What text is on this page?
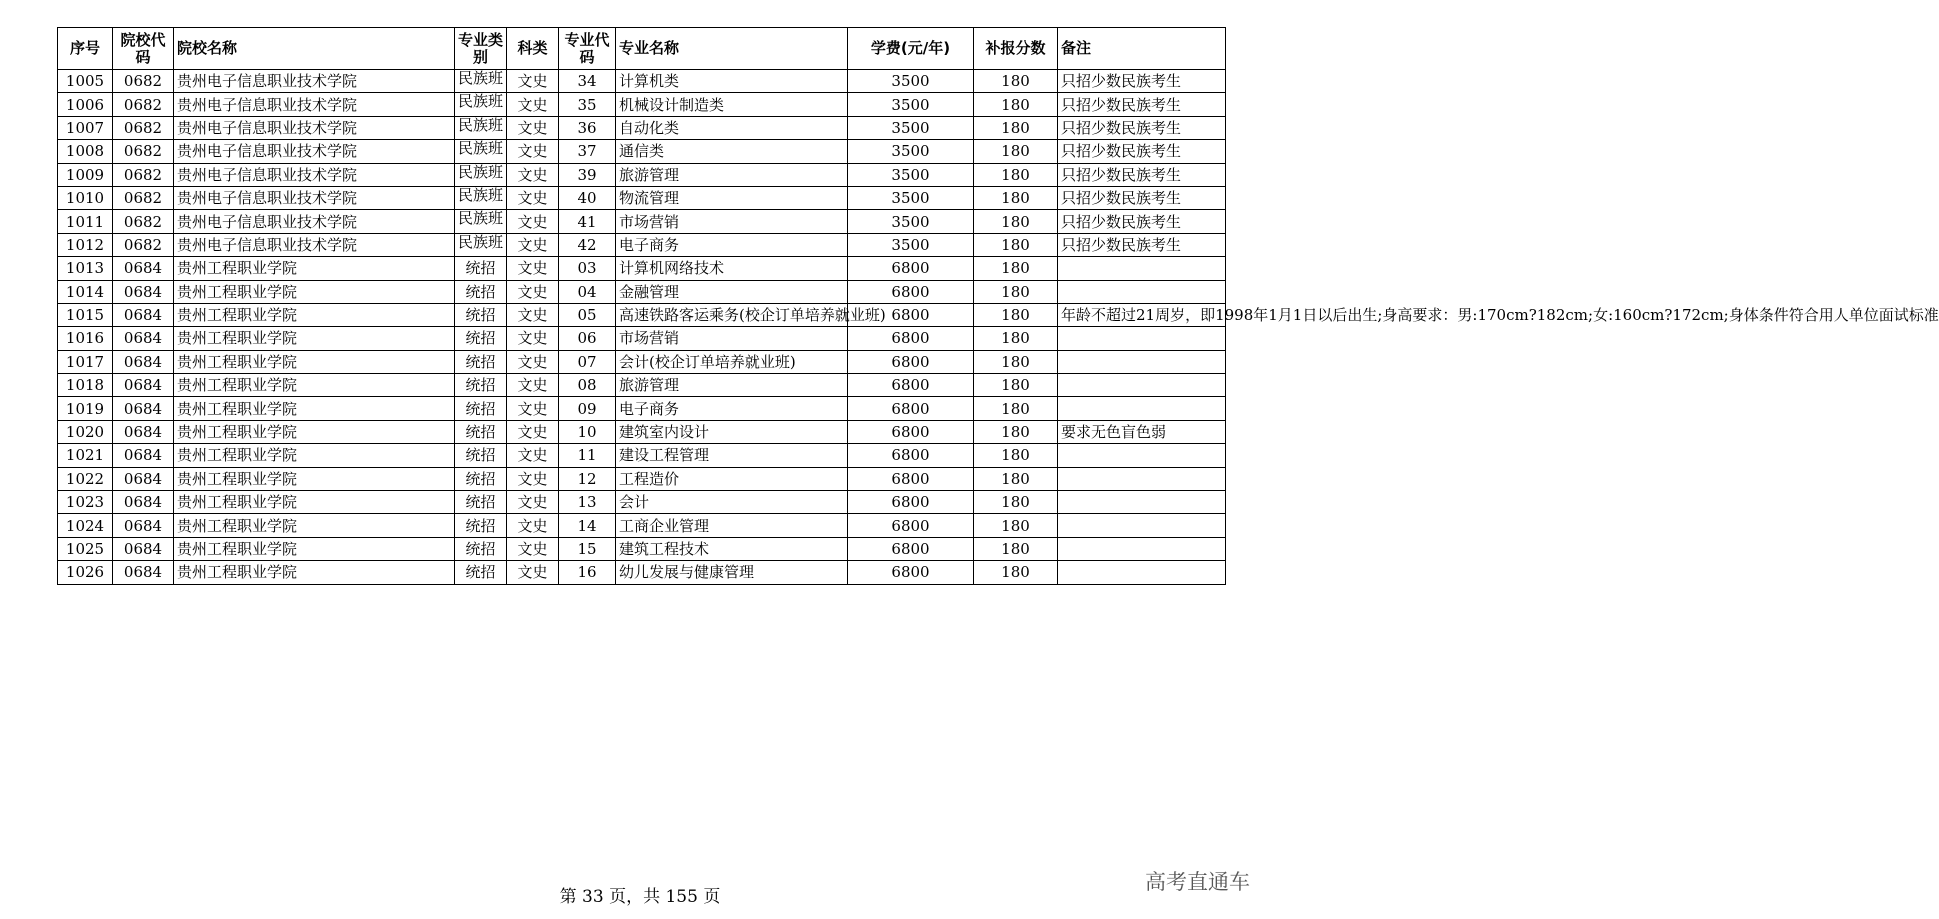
序号	院校代码	院校名称	专业类别	科类	专业代码	专业名称	学费(元/年)	补报分数	备注
1005	0682	贵州电子信息职业技术学院	民族班	文史	34	计算机类	3500	180	只招少数民族考生
1006	0682	贵州电子信息职业技术学院	民族班	文史	35	机械设计制造类	3500	180	只招少数民族考生
1007	0682	贵州电子信息职业技术学院	民族班	文史	36	自动化类	3500	180	只招少数民族考生
1008	0682	贵州电子信息职业技术学院	民族班	文史	37	通信类	3500	180	只招少数民族考生
1009	0682	贵州电子信息职业技术学院	民族班	文史	39	旅游管理	3500	180	只招少数民族考生
1010	0682	贵州电子信息职业技术学院	民族班	文史	40	物流管理	3500	180	只招少数民族考生
1011	0682	贵州电子信息职业技术学院	民族班	文史	41	市场营销	3500	180	只招少数民族考生
1012	0682	贵州电子信息职业技术学院	民族班	文史	42	电子商务	3500	180	只招少数民族考生
1013	0684	贵州工程职业学院	统招	文史	03	计算机网络技术	6800	180	
1014	0684	贵州工程职业学院	统招	文史	04	金融管理	6800	180	
1015	0684	贵州工程职业学院	统招	文史	05	高速铁路客运乘务(校企订单培养就业班)	6800	180	年龄不超过21周岁，即1998年1月1日以后出生;身高要求：男:170cm?182cm;女:160cm?172cm;身体条件符合用人单位面试标准
1016	0684	贵州工程职业学院	统招	文史	06	市场营销	6800	180	
1017	0684	贵州工程职业学院	统招	文史	07	会计(校企订单培养就业班)	6800	180	
1018	0684	贵州工程职业学院	统招	文史	08	旅游管理	6800	180	
1019	0684	贵州工程职业学院	统招	文史	09	电子商务	6800	180	
1020	0684	贵州工程职业学院	统招	文史	10	建筑室内设计	6800	180	要求无色盲色弱
1021	0684	贵州工程职业学院	统招	文史	11	建设工程管理	6800	180	
1022	0684	贵州工程职业学院	统招	文史	12	工程造价	6800	180	
1023	0684	贵州工程职业学院	统招	文史	13	会计	6800	180	
1024	0684	贵州工程职业学院	统招	文史	14	工商企业管理	6800	180	
1025	0684	贵州工程职业学院	统招	文史	15	建筑工程技术	6800	180	
1026	0684	贵州工程职业学院	统招	文史	16	幼儿发展与健康管理	6800	180	
第 33 页，共 155 页
高考直通车
